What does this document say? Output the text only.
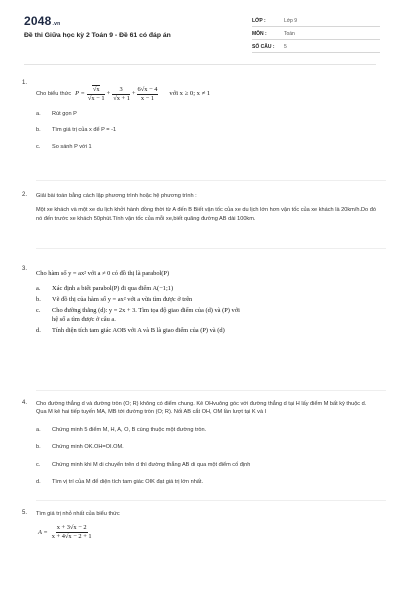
2048.vn
Đề thi Giữa học kỳ 2 Toán 9 - Đề 61 có đáp án
LỚP :	Lớp 9
MÔN :	Toán
SỐ CÂU :	5
1.
Cho biểu thức P =
√ x
√ x − 1 + 3
√ $x + 1 + \frac{6√x - 4}{x - 1}$ với x ≥ 0; x ≠ 1
a.	Rút gọn P
b.	Tìm giá trị của x để P = -1
c.	So sánh P với 1
2. Giải bài toán bằng cách lập phương trình hoặc hệ phương trình :
Một xe khách và một xe du lịch khởi hành đồng thời từ A đến B Biết vận tốc của xe du lịch lớn hơn vận tốc của xe khách là 20km/h.Do đó nó đến trước xe khách 50phút.Tính vận tốc của mỗi xe,biết quãng đường AB dài 100km.
3.
Cho hàm số y = ax² với a ≠ 0 có đồ thị là parabol(P)
a.	Xác định a biết parabol(P) đi qua điểm A(−1;1)
b.	Vẽ đồ thị của hàm số y = ax² với a vừa tìm được ở trên
c.	Cho đường thẳng (d): y = 2x + 3. Tìm tọa độ giao điểm của (d) và (P) với
hệ số a tìm được ở câu a.
d.	Tính diện tích tam giác AOB với A và B là giao điểm của (P) và (d)
4. Cho đường thẳng d và đường tròn (O; R) không có điểm chung. Kẻ OHvuông góc với đường thẳng d tại H lấy điểm M bất kỳ thuộc d. Qua M kẻ hai tiếp tuyến MA, MB tới đường tròn (O; R). Nối AB cắt OH, OM lần lượt tại K và I
a.	Chứng minh 5 điểm M, H, A, O, B cùng thuộc một đường tròn.
b.	Chứng minh OK.OH=OI.OM.
c.	Chứng minh khi M di chuyển trên d thì đường thẳng AB di qua một điểm cố định
d.	Tìm vị trí của M để diện tích tam giác OIK đạt giá trị lớn nhất.
5. Tìm giá trị nhỏ nhất của biểu thức
$A = \frac{x + 3√x - 2}{x + 4√x - 2 + 1}$
